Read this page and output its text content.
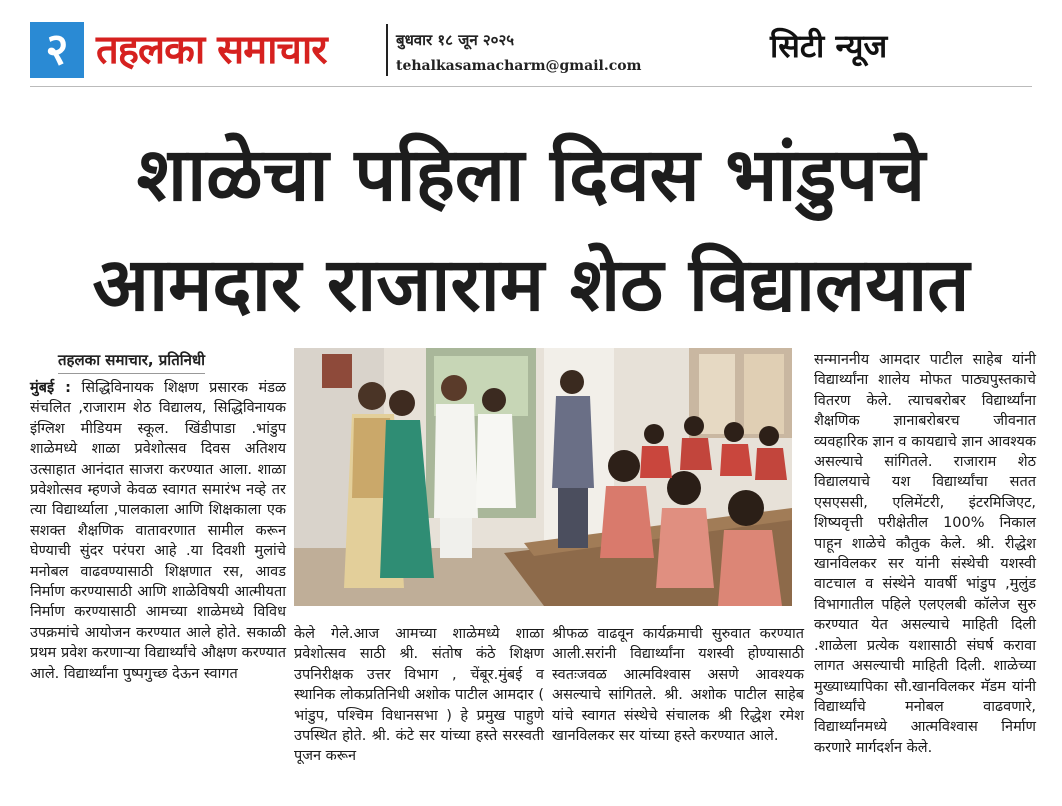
२ तहलका समाचार	बुधवार १८ जून २०२५
tehalkasamacharm@gmail.com
सिटी न्यूज
शाळेचा पहिला दिवस भांडुपचे
आमदार राजाराम शेठ विद्यालयात
तहलका समाचार, प्रतिनिधी

मुंबई : सिद्धिविनायक शिक्षण प्रसारक मंडळ संचलित ,राजाराम शेठ विद्यालय, सिद्धिविनायक इंग्लिश मीडियम स्कूल. खिंडीपाडा .भांडुप शाळेमध्ये शाळा प्रवेशोत्सव दिवस अतिशय उत्साहात आनंदात साजरा करण्यात आला. शाळा प्रवेशोत्सव म्हणजे केवळ स्वागत समारंभ नव्हे तर त्या विद्यार्थ्याला ,पालकाला आणि शिक्षकाला एक सशक्त शैक्षणिक वातावरणात सामील करून घेण्याची सुंदर परंपरा आहे .या दिवशी मुलांचे मनोबल वाढवण्यासाठी शिक्षणात रस, आवड निर्माण करण्यासाठी आणि शाळेविषयी आत्मीयता निर्माण करण्यासाठी आमच्या शाळेमध्ये विविध उपक्रमांचे आयोजन करण्यात आले होते. सकाळी प्रथम प्रवेश करणाऱ्या विद्यार्थ्यांचे औक्षण करण्यात आले. विद्यार्थ्यांना पुष्पगुच्छ देऊन स्वागत

केले गेले.आज आमच्या शाळेमध्ये शाळा प्रवेशोत्सव साठी श्री. संतोष कंठे शिक्षण उपनिरीक्षक उत्तर विभाग , चेंबूर.मुंबई व स्थानिक लोकप्रतिनिधी अशोक पाटील आमदार ( भांडुप, पश्चिम विधानसभा ) हे प्रमुख पाहुणे उपस्थित होते. श्री. कंटे सर यांच्या हस्ते सरस्वती पूजन करून

श्रीफळ वाढवून कार्यक्रमाची सुरुवात करण्यात आली.सरांनी विद्यार्थ्यांना यशस्वी होण्यासाठी स्वतःजवळ आत्मविश्वास असणे आवश्यक असल्याचे सांगितले. श्री. अशोक पाटील साहेब यांचे स्वागत संस्थेचे संचालक श्री रिद्धेश रमेश खानविलकर सर यांच्या हस्ते करण्यात आले.

सन्माननीय आमदार पाटील साहेब यांनी विद्यार्थ्यांना शालेय मोफत पाठ्यपुस्तकाचे वितरण केले. त्याचबरोबर विद्यार्थ्यांना शैक्षणिक ज्ञानाबरोबरच जीवनात व्यवहारिक ज्ञान व कायद्याचे ज्ञान आवश्यक असल्याचे सांगितले. राजाराम शेठ विद्यालयाचे यश विद्यार्थ्यांचा सतत एसएससी, एलिमेंटरी, इंटरमिजिएट, शिष्यवृत्ती परीक्षेतील 100% निकाल पाहून शाळेचे कौतुक केले. श्री. रीद्धेश खानविलकर सर यांनी संस्थेची यशस्वी वाटचाल व संस्थेने यावर्षी भांडुप ,मुलुंड विभागातील पहिले एलएलबी कॉलेज सुरु करण्यात येत असल्याचे माहिती दिली .शाळेला प्रत्येक यशासाठी संघर्ष करावा लागत असल्याची माहिती दिली. शाळेच्या मुख्याध्यापिका सौ.खानविलकर मॅडम यांनी विद्यार्थ्यांचे मनोबल वाढवणारे, विद्यार्थ्यांनमध्ये आत्मविश्वास निर्माण करणारे मार्गदर्शन केले.
